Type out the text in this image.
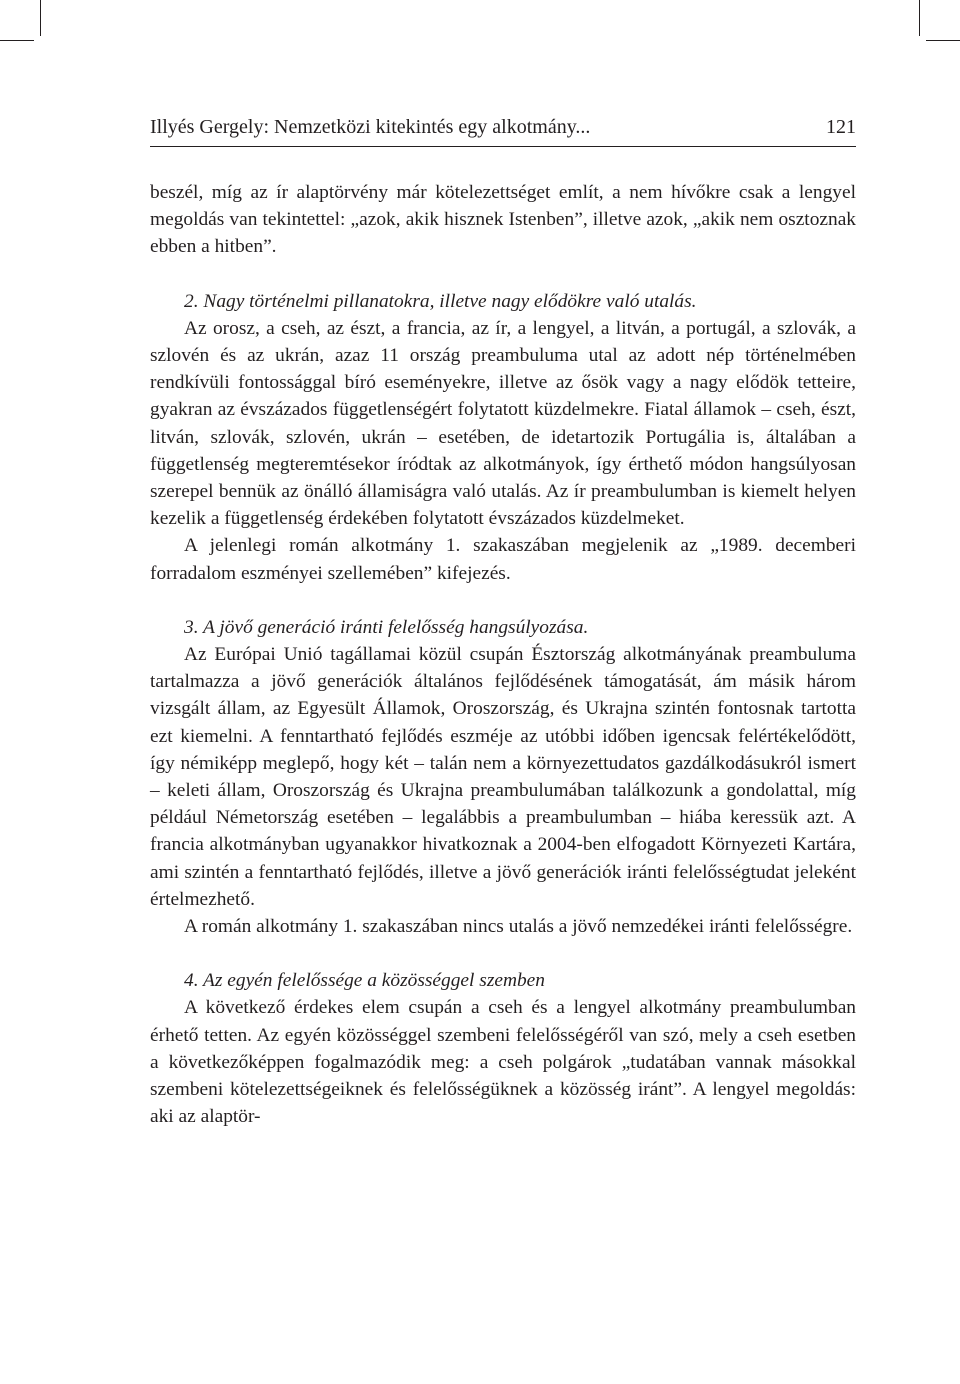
Illyés Gergely: Nemzetközi kitekintés egy alkotmány...	121

beszél, míg az ír alaptörvény már kötelezettséget említ, a nem hívőkre csak a lengyel megoldás van tekintettel: „azok, akik hisznek Istenben”, illetve azok, „akik nem osztoznak ebben a hitben”.

2. Nagy történelmi pillanatokra, illetve nagy elődökre való utalás.

Az orosz, a cseh, az észt, a francia, az ír, a lengyel, a litván, a portugál, a szlovák, a szlovén és az ukrán, azaz 11 ország preambuluma utal az adott nép történelmében rendkívüli fontossággal bíró eseményekre, illetve az ősök vagy a nagy elődök tetteire, gyakran az évszázados függetlenségért folytatott küzdelmekre. Fiatal államok – cseh, észt, litván, szlovák, szlovén, ukrán – esetében, de idetartozik Portugália is, általában a függetlenség megteremtésekor íródtak az alkotmányok, így érthető módon hangsúlyosan szerepel bennük az önálló államiságra való utalás. Az ír preambulumban is kiemelt helyen kezelik a függetlenség érdekében folytatott évszázados küzdelmeket.

A jelenlegi román alkotmány 1. szakaszában megjelenik az „1989. decemberi forradalom eszményei szellemében” kifejezés.

3. A jövő generáció iránti felelősség hangsúlyozása.

Az Európai Unió tagállamai közül csupán Észtország alkotmányának preambuluma tartalmazza a jövő generációk általános fejlődésének támogatását, ám másik három vizsgált állam, az Egyesült Államok, Oroszország, és Ukrajna szintén fontosnak tartotta ezt kiemelni. A fenntartható fejlődés eszméje az utóbbi időben igencsak felértékelődött, így némiképp meglepő, hogy két – talán nem a környezettudatos gazdálkodásukról ismert – keleti állam, Oroszország és Ukrajna preambulumában találkozunk a gondolattal, míg például Németország esetében – legalábbis a preambulumban – hiába keressük azt. A francia alkotmányban ugyanakkor hivatkoznak a 2004-ben elfogadott Környezeti Kartára, ami szintén a fenntartható fejlődés, illetve a jövő generációk iránti felelősségtudat jeleként értelmezhető.

A román alkotmány 1. szakaszában nincs utalás a jövő nemzedékei iránti felelősségre.

4. Az egyén felelőssége a közösséggel szemben

A következő érdekes elem csupán a cseh és a lengyel alkotmány preambulumban érhető tetten. Az egyén közösséggel szembeni felelősségéről van szó, mely a cseh esetben a következőképpen fogalmazódik meg: a cseh polgárok „tudatában vannak másokkal szembeni kötelezettségeiknek és felelősségüknek a közösség iránt”. A lengyel megoldás: aki az alaptör-
